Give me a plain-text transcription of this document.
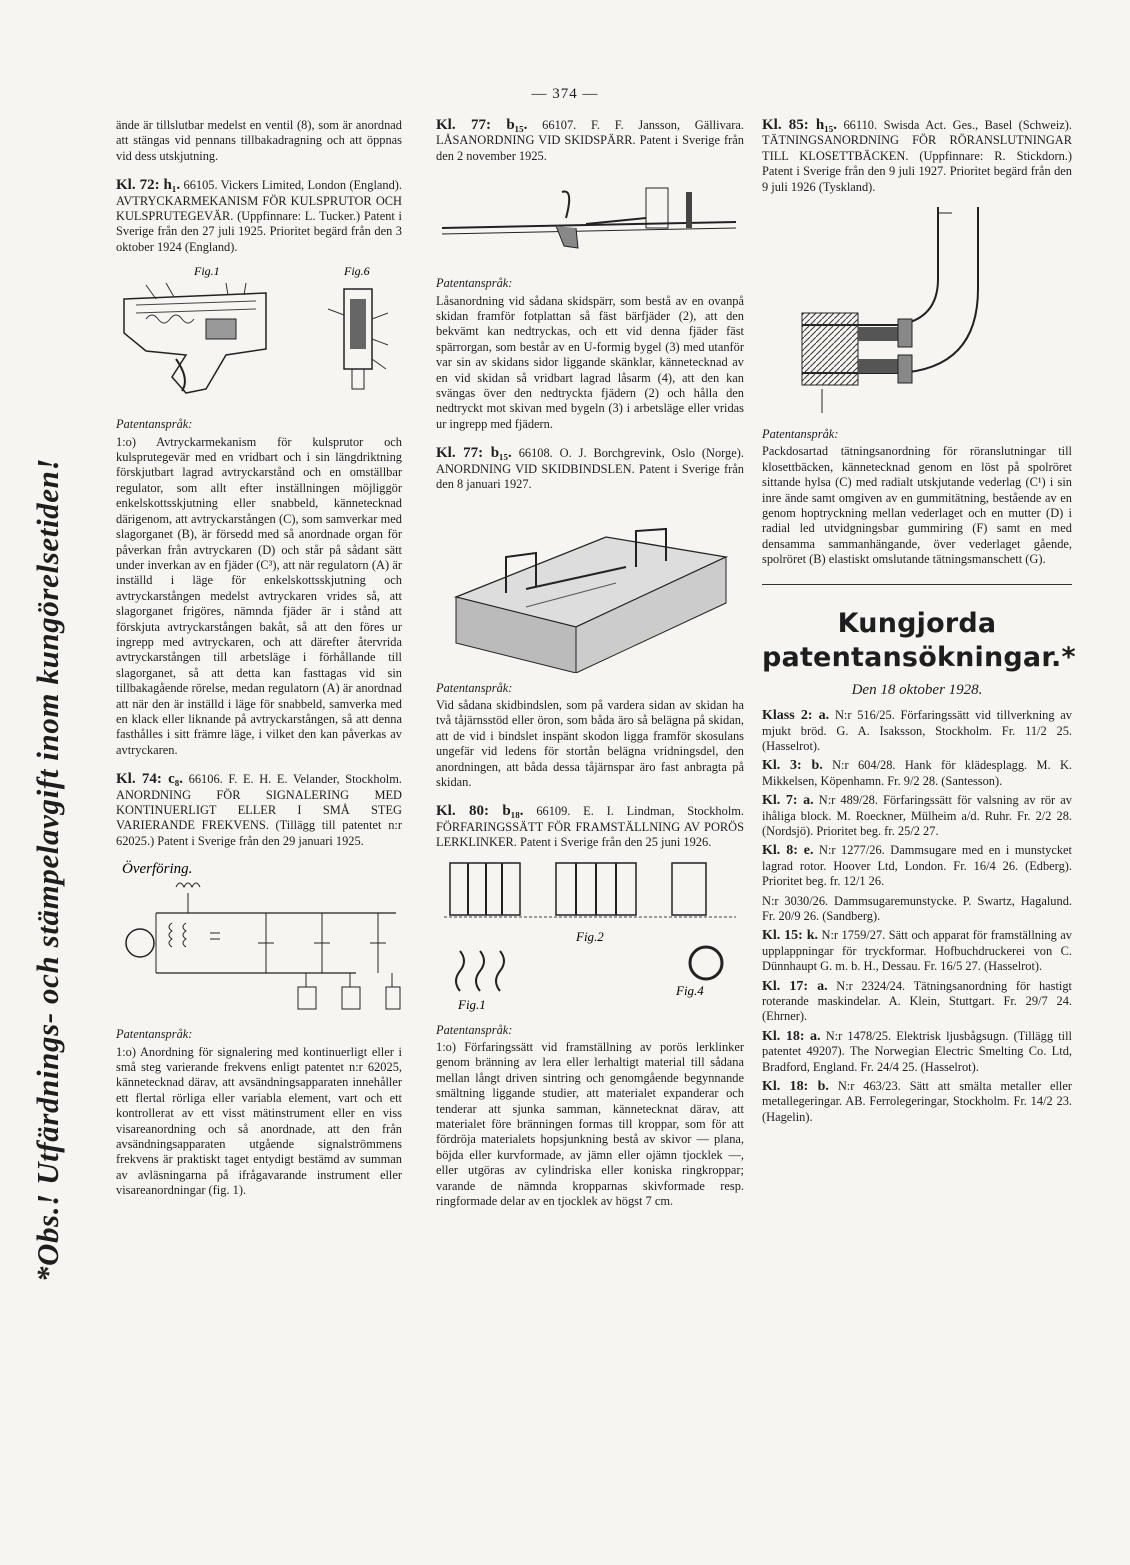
— 374 —
*Obs.! Utfärdnings- och stämpelavgift inom kungörelsetiden!

ände är tillslutbar medelst en ventil (8), som är anordnad att stängas vid pennans tillbakadragning och att öppnas vid dess utskjutning.

Kl. 72: h₁. 66105. Vickers Limited, London (England). AVTRYCKARMEKANISM FÖR KULSPRUTOR OCH KULSPRUTEGEVÄR. (Uppfinnare: L. Tucker.) Patent i Sverige från den 27 juli 1925. Prioritet begärd från den 3 oktober 1924 (England).

Fig.1	Fig.6

Patentanspråk:

1:o) Avtryckarmekanism för kulsprutor och kulsprutegevär med en vridbart och i sin längdriktning förskjutbart lagrad avtryckarstånd och en omställbar regulator, som allt efter inställningen möjliggör enkelskottsskjutning eller snabbeld, kännetecknad därigenom, att avtryckarstången (C), som samverkar med slagorganet (B), är försedd med så anordnade organ för påverkan från avtryckaren (D) och står på sådant sätt under inverkan av en fjäder (C³), att när regulatorn (A) är inställd i läge för enkelskottsskjutning och avtryckarstången medelst avtryckaren vrides så, att slagorganet frigöres, nämnda fjäder är i stånd att förskjuta avtryckarstången bakåt, så att den föres ur ingrepp med avtryckaren, och att därefter återvrida avtryckarstången till arbetsläge i förhållande till slagorganet, så att detta kan fasttagas vid sin tillbakagående rörelse, medan regulatorn (A) är anordnad att när den är inställd i läge för snabbeld, samverka med en klack eller liknande på avtryckarstången, så att denna fasthålles i sitt främre läge, i vilket den kan påverkas av avtryckaren.

Kl. 74: c₈. 66106. F. E. H. E. Velander, Stockholm. ANORDNING FÖR SIGNALERING MED KONTINUERLIGT ELLER I SMÅ STEG VARIERANDE FREKVENS. (Tillägg till patentet n:r 62025.) Patent i Sverige från den 29 januari 1925.

Överföring.

Patentanspråk:

1:o) Anordning för signalering med kontinuerligt eller i små steg varierande frekvens enligt patentet n:r 62025, kännetecknad därav, att avsändningsapparaten innehåller ett flertal rörliga eller variabla element, vart och ett kontrollerat av ett visst mätinstrument eller en viss visareanordning och så anordnade, att den från avsändningsapparaten utgående signalströmmens frekvens är praktiskt taget entydigt bestämd av summan av avläsningarna på ifrågavarande instrument eller visareanordningar (fig. 1).

Kl. 77: b₁₅. 66107. F. F. Jansson, Gällivara. LÅSANORDNING VID SKIDSPÄRR. Patent i Sverige från den 2 november 1925.

Patentanspråk:

Låsanordning vid sådana skidspärr, som bestå av en ovanpå skidan framför fotplattan så fäst bärfjäder (2), att den bekvämt kan nedtryckas, och ett vid denna fjäder fäst spärrorgan, som består av en U-formig bygel (3) med utanför var sin av skidans sidor liggande skänklar, kännetecknad av en vid skidan så vridbart lagrad låsarm (4), att den kan svängas över den nedtryckta fjädern (2) och hålla den nedtryckt mot skivan med bygeln (3) i arbetsläge eller vridas ur ingrepp med fjädern.

Kl. 77: b₁₅. 66108. O. J. Borchgrevink, Oslo (Norge). ANORDNING VID SKIDBINDSLEN. Patent i Sverige från den 8 januari 1927.

Patentanspråk:

Vid sådana skidbindslen, som på vardera sidan av skidan ha två tåjärnsstöd eller öron, som båda äro så belägna på skidan, att de vid i bindslet inspänt skodon ligga framför skosulans ungefär vid ledens för stortån belägna vridningsdel, den anordningen, att båda dessa tåjärnspar äro fast anbragta på skidan.

Kl. 80: b₁₈. 66109. E. I. Lindman, Stockholm. FÖRFARINGSSÄTT FÖR FRAMSTÄLLNING AV PORÖS LERKLINKER. Patent i Sverige från den 25 juni 1926.

Fig.2
Fig.1
Fig.4

Patentanspråk:

1:o) Förfaringssätt vid framställning av porös lerklinker genom bränning av lera eller lerhaltigt material till sådana mellan långt driven sintring och genomgående begynnande smältning liggande studier, att materialet expanderar och tenderar att sjunka samman, kännetecknat därav, att materialet före bränningen formas till kroppar, som för att fördröja materialets hopsjunkning bestå av skivor — plana, böjda eller kurvformade, av jämn eller ojämn tjocklek —, eller utgöras av cylindriska eller koniska ringkroppar; varande de nämnda kropparnas skivformade resp. ringformade delar av en tjocklek av högst 7 cm.

Kl. 85: h₁₅. 66110. Swisda Act. Ges., Basel (Schweiz). TÄTNINGSANORDNING FÖR RÖRANSLUTNINGAR TILL KLOSETTBÄCKEN. (Uppfinnare: R. Stickdorn.) Patent i Sverige från den 9 juli 1927. Prioritet begärd från den 9 juli 1926 (Tyskland).

Patentanspråk:

Packdosartad tätningsanordning för röranslutningar till klosettbäcken, kännetecknad genom en löst på spolröret sittande hylsa (C) med radialt utskjutande vederlag (C¹) i sin inre ände samt omgiven av en gummitätning, bestående av en genom hoptryckning mellan vederlaget och en mutter (D) i radial led utvidgningsbar gummiring (F) samt en med densamma sammanhängande, över vederlaget gående, spolröret (B) elastiskt omslutande tätningsmanschett (G).

Kungjorda patentansökningar.*
Den 18 oktober 1928.

Klass 2: a. N:r 516/25. Förfaringssätt vid tillverkning av mjukt bröd. G. A. Isaksson, Stockholm. Fr. 11/2 25. (Hasselrot).

Kl. 3: b. N:r 604/28. Hank för klädesplagg. M. K. Mikkelsen, Köpenhamn. Fr. 9/2 28. (Santesson).

Kl. 7: a. N:r 489/28. Förfaringssätt för valsning av rör av ihåliga block. M. Roeckner, Mülheim a/d. Ruhr. Fr. 2/2 28. (Nordsjö). Prioritet beg. fr. 25/2 27.

Kl. 8: e. N:r 1277/26. Dammsugare med en i munstycket lagrad rotor. Hoover Ltd, London. Fr. 16/4 26. (Edberg). Prioritet beg. fr. 12/1 26.

N:r 3030/26. Dammsugaremunstycke. P. Swartz, Hagalund. Fr. 20/9 26. (Sandberg).

Kl. 15: k. N:r 1759/27. Sätt och apparat för framställning av upplappningar för tryckformar. Hofbuchdruckerei von C. Dünnhaupt G. m. b. H., Dessau. Fr. 16/5 27. (Hasselrot).

Kl. 17: a. N:r 2324/24. Tätningsanordning för hastigt roterande maskindelar. A. Klein, Stuttgart. Fr. 29/7 24. (Ehrner).

Kl. 18: a. N:r 1478/25. Elektrisk ljusbågsugn. (Tillägg till patentet 49207). The Norwegian Electric Smelting Co. Ltd, Bradford, England. Fr. 24/4 25. (Hasselrot).

Kl. 18: b. N:r 463/23. Sätt att smälta metaller eller metallegeringar. AB. Ferrolegeringar, Stockholm. Fr. 14/2 23. (Hagelin).
